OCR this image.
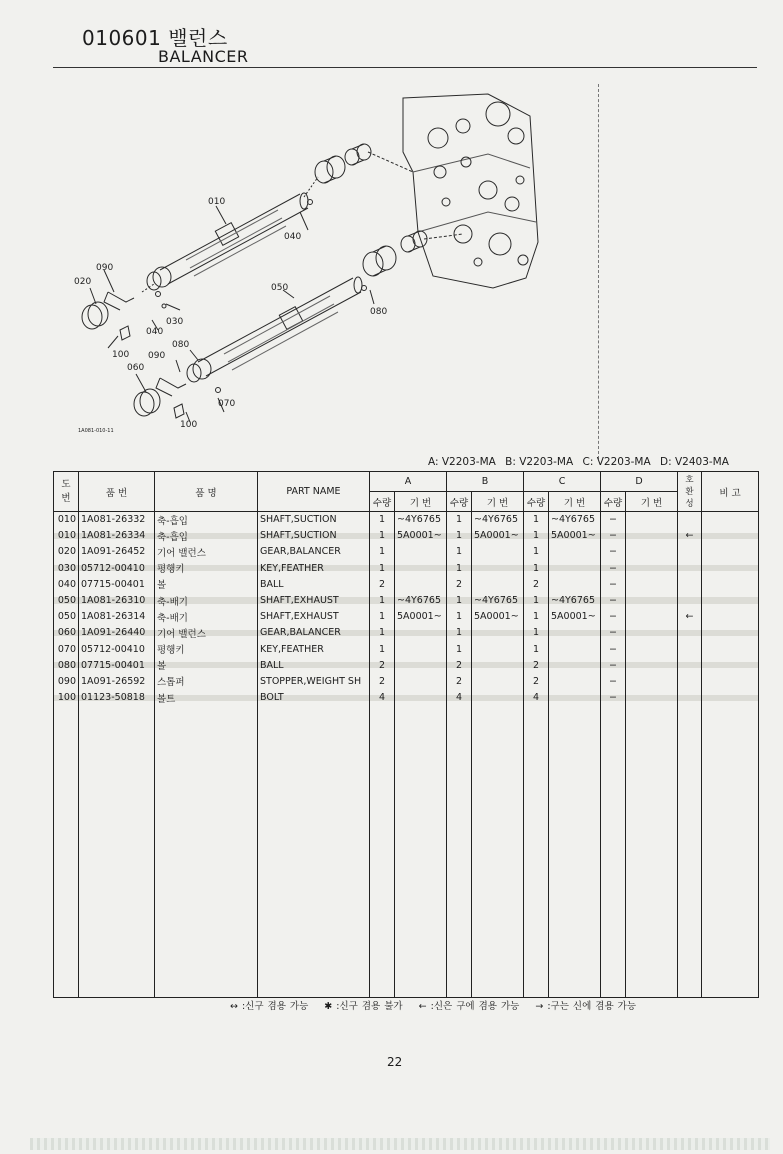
010601 밸런스
BALANCER
010
040
090
020
050
080
030
040
080
100 090
060
070
100
1A081-010-11
A: V2203-MA B: V2203-MA C: V2203-MA D: V2403-MA
도 번	품 번	품 명	PART NAME	A		B		C		D		호 환 성	비 고
				수량	기 번	수량	기 번	수량	기 번	수량	기 번		
010	1A081-26332	축-흡입	SHAFT,SUCTION	1	~4Y6765	1	~4Y6765	1	~4Y6765	−			
010	1A081-26334	축-흡입	SHAFT,SUCTION	1	5A0001~	1	5A0001~	1	5A0001~	−		←	
020	1A091-26452	기어 밸런스	GEAR,BALANCER	1		1		1		−			
030	05712-00410	평행키	KEY,FEATHER	1		1		1		−			
040	07715-00401	볼	BALL	2		2		2		−			
050	1A081-26310	축-배기	SHAFT,EXHAUST	1	~4Y6765	1	~4Y6765	1	~4Y6765	−			
050	1A081-26314	축-배기	SHAFT,EXHAUST	1	5A0001~	1	5A0001~	1	5A0001~	−		←	
060	1A091-26440	기어 밸런스	GEAR,BALANCER	1		1		1		−			
070	05712-00410	평행키	KEY,FEATHER	1		1		1		−			
080	07715-00401	볼	BALL	2		2		2		−			
090	1A091-26592	스톱퍼	STOPPER,WEIGHT SH	2		2		2		−			
100	01123-50818	볼트	BOLT	4		4		4		−			

↔ :신구 겸용 가능 ✱ :신구 겸용 불가 ← :신은 구에 겸용 가능 → :구는 신에 겸용 가능
22
